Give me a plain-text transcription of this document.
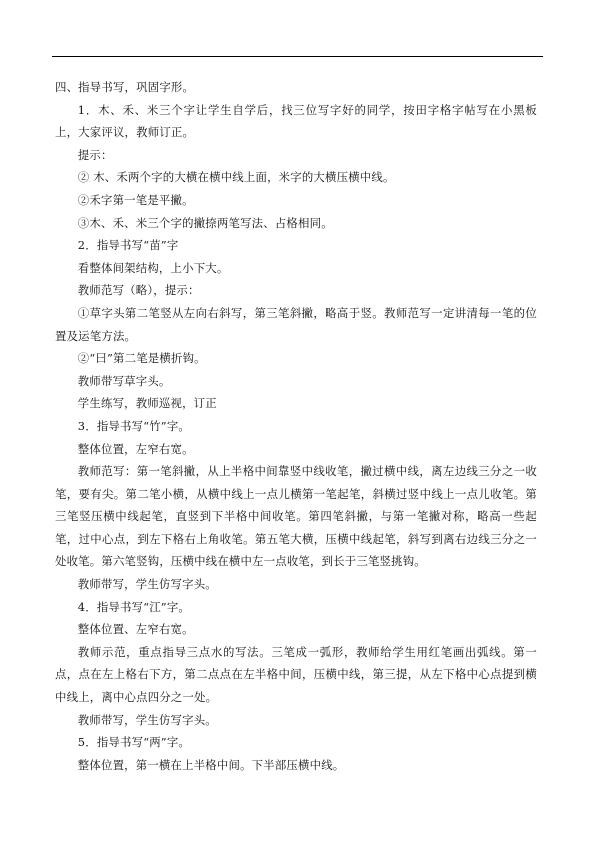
四、指导书写，巩固字形。

1．木、禾、米三个字让学生自学后，找三位写字好的同学，按田字格字帖写在小黑板上，大家评议，教师订正。

提示：

② 木、禾两个字的大横在横中线上面，米字的大横压横中线。

②禾字第一笔是平撇。

③木、禾、米三个字的撇捺两笔写法、占格相同。

2．指导书写“苗”字

看整体间架结构，上小下大。

教师范写（略），提示：

①草字头第二笔竖从左向右斜写，第三笔斜撇，略高于竖。教师范写一定讲清每一笔的位置及运笔方法。

②“曰”第二笔是横折钩。

教师带写草字头。

学生练写，教师巡视，订正

3．指导书写“竹”字。

整体位置，左窄右宽。

教师范写：第一笔斜撇，从上半格中间靠竖中线收笔，撇过横中线，离左边线三分之一收笔，要有尖。第二笔小横，从横中线上一点儿横第一笔起笔，斜横过竖中线上一点儿收笔。第三笔竖压横中线起笔，直竖到下半格中间收笔。第四笔斜撇，与第一笔撇对称，略高一些起笔，过中心点，到左下格右上角收笔。第五笔大横，压横中线起笔，斜写到离右边线三分之一处收笔。第六笔竖钩，压横中线在横中左一点收笔，到长于三笔竖挑钩。

教师带写，学生仿写字头。

4．指导书写“江”字。

整体位置、左窄右宽。

教师示范，重点指导三点水的写法。三笔成一弧形，教师给学生用红笔画出弧线。第一点，点在左上格右下方，第二点点在左半格中间，压横中线，第三提，从左下格中心点提到横中线上，离中心点四分之一处。

教师带写，学生仿写字头。

5．指导书写“两”字。

整体位置，第一横在上半格中间。下半部压横中线。
